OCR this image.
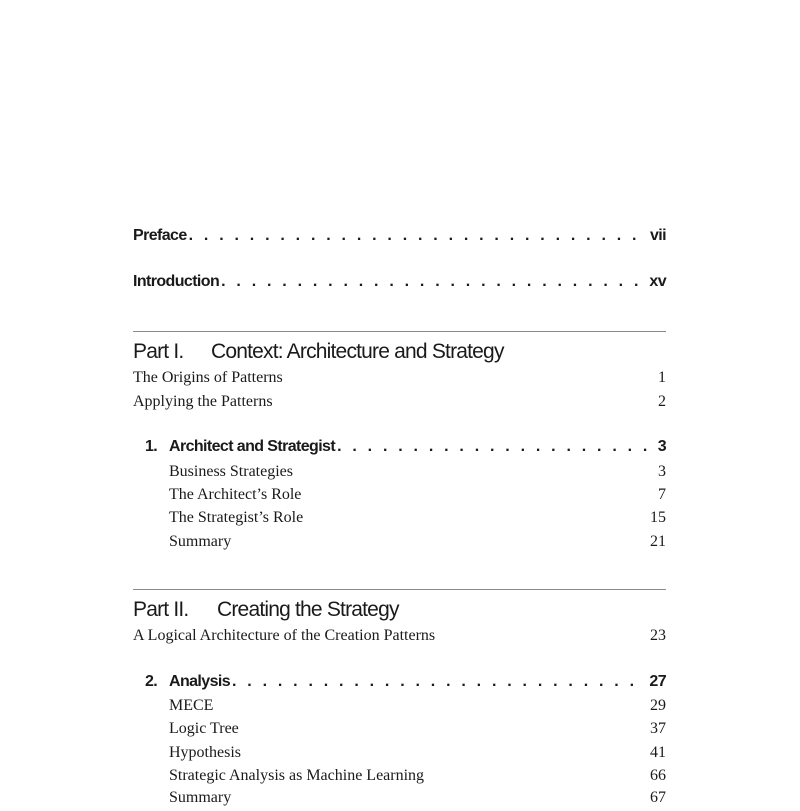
Preface . . .	vii
Introduction . . .	xv
Part I. Context: Architecture and Strategy
The Origins of Patterns	1
Applying the Patterns	2
1. Architect and Strategist . . .	3
Business Strategies	3
The Architect’s Role	7
The Strategist’s Role	15
Summary	21
Part II. Creating the Strategy
A Logical Architecture of the Creation Patterns	23
2. Analysis . . .	27
MECE	29
Logic Tree	37
Hypothesis	41
Strategic Analysis as Machine Learning	66
Summary	67
